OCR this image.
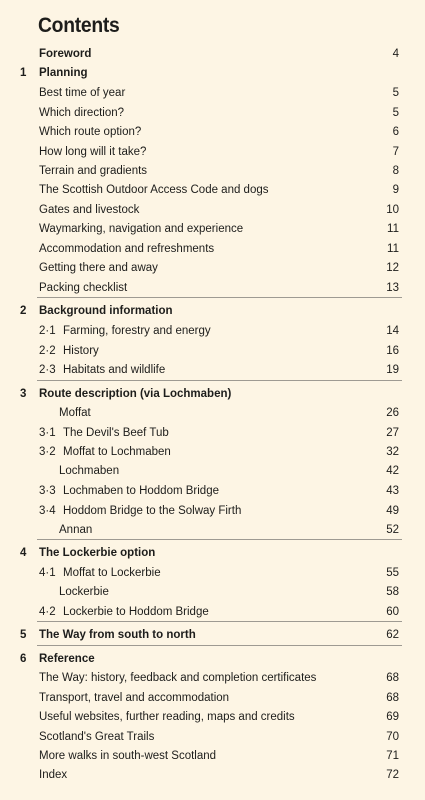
Contents
Foreword	4
1 Planning
Best time of year	5
Which direction?	5
Which route option?	6
How long will it take?	7
Terrain and gradients	8
The Scottish Outdoor Access Code and dogs	9
Gates and livestock	10
Waymarking, navigation and experience	11
Accommodation and refreshments	11
Getting there and away	12
Packing checklist	13
2 Background information
2·1 Farming, forestry and energy	14
2·2 History	16
2·3 Habitats and wildlife	19
3 Route description (via Lochmaben)
Moffat	26
3·1 The Devil's Beef Tub	27
3·2 Moffat to Lochmaben	32
Lochmaben	42
3·3 Lochmaben to Hoddom Bridge	43
3·4 Hoddom Bridge to the Solway Firth	49
Annan	52
4 The Lockerbie option
4·1 Moffat to Lockerbie	55
Lockerbie	58
4·2 Lockerbie to Hoddom Bridge	60
5 The Way from south to north	62
6 Reference
The Way: history, feedback and completion certificates	68
Transport, travel and accommodation	68
Useful websites, further reading, maps and credits	69
Scotland's Great Trails	70
More walks in south-west Scotland	71
Index	72
